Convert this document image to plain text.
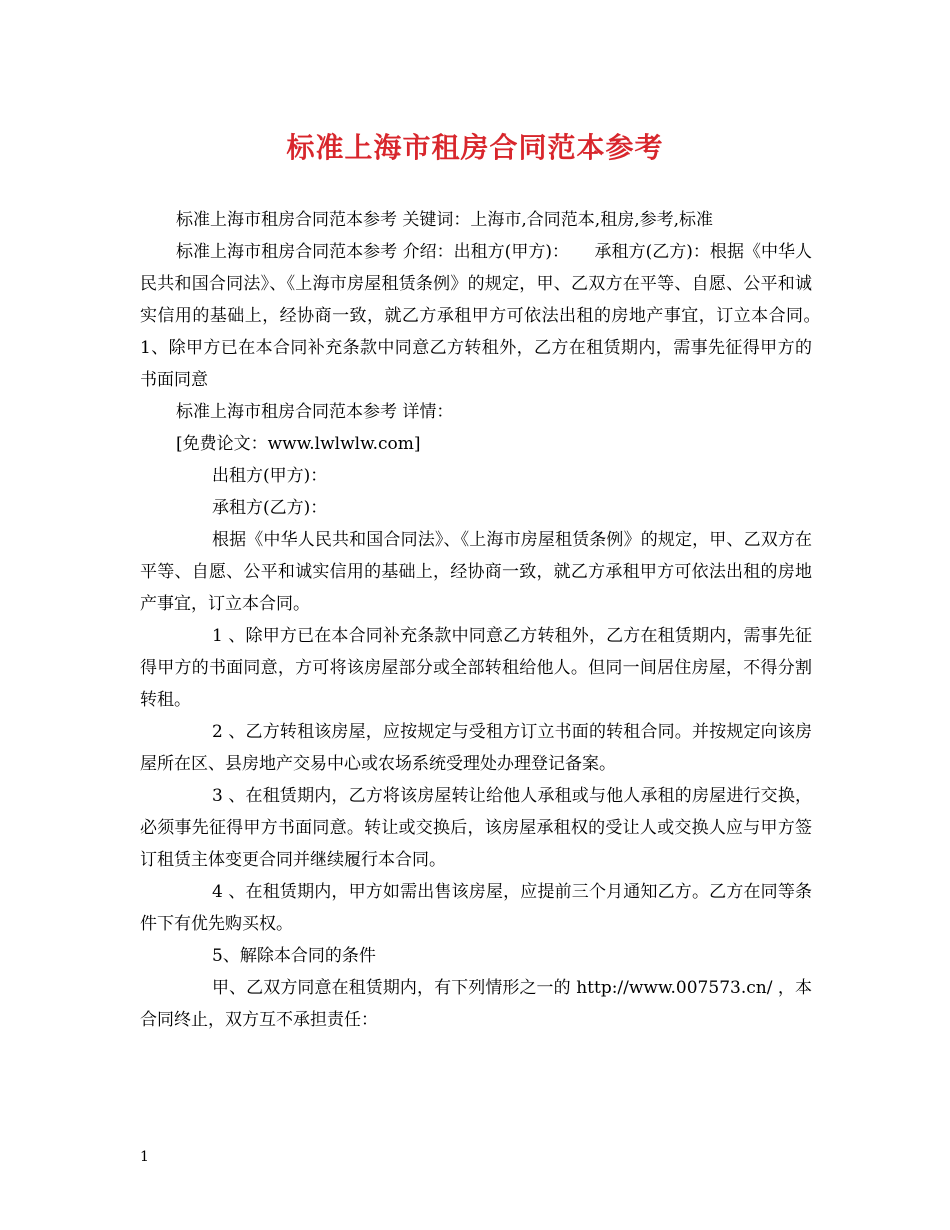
标准上海市租房合同范本参考

标准上海市租房合同范本参考 关键词：上海市,合同范本,租房,参考,标准

标准上海市租房合同范本参考 介绍：出租方(甲方)：　　承租方(乙方)：根据《中华人民共和国合同法》、《上海市房屋租赁条例》的规定，甲、乙双方在平等、自愿、公平和诚实信用的基础上，经协商一致，就乙方承租甲方可依法出租的房地产事宜，订立本合同。　　1、除甲方已在本合同补充条款中同意乙方转租外，乙方在租赁期内，需事先征得甲方的书面同意

标准上海市租房合同范本参考 详情：

[免费论文：www.lwlwlw.com]

出租方(甲方)：

承租方(乙方)：

根据《中华人民共和国合同法》、《上海市房屋租赁条例》的规定，甲、乙双方在平等、自愿、公平和诚实信用的基础上，经协商一致，就乙方承租甲方可依法出租的房地产事宜，订立本合同。

1 、除甲方已在本合同补充条款中同意乙方转租外，乙方在租赁期内，需事先征得甲方的书面同意，方可将该房屋部分或全部转租给他人。但同一间居住房屋，不得分割转租。

2 、乙方转租该房屋，应按规定与受租方订立书面的转租合同。并按规定向该房屋所在区、县房地产交易中心或农场系统受理处办理登记备案。

3 、在租赁期内，乙方将该房屋转让给他人承租或与他人承租的房屋进行交换，必须事先征得甲方书面同意。转让或交换后，该房屋承租权的受让人或交换人应与甲方签订租赁主体变更合同并继续履行本合同。

4 、在租赁期内，甲方如需出售该房屋，应提前三个月通知乙方。乙方在同等条件下有优先购买权。

5、解除本合同的条件

甲、乙双方同意在租赁期内，有下列情形之一的 http://www.007573.cn/ ，本合同终止，双方互不承担责任：

1
